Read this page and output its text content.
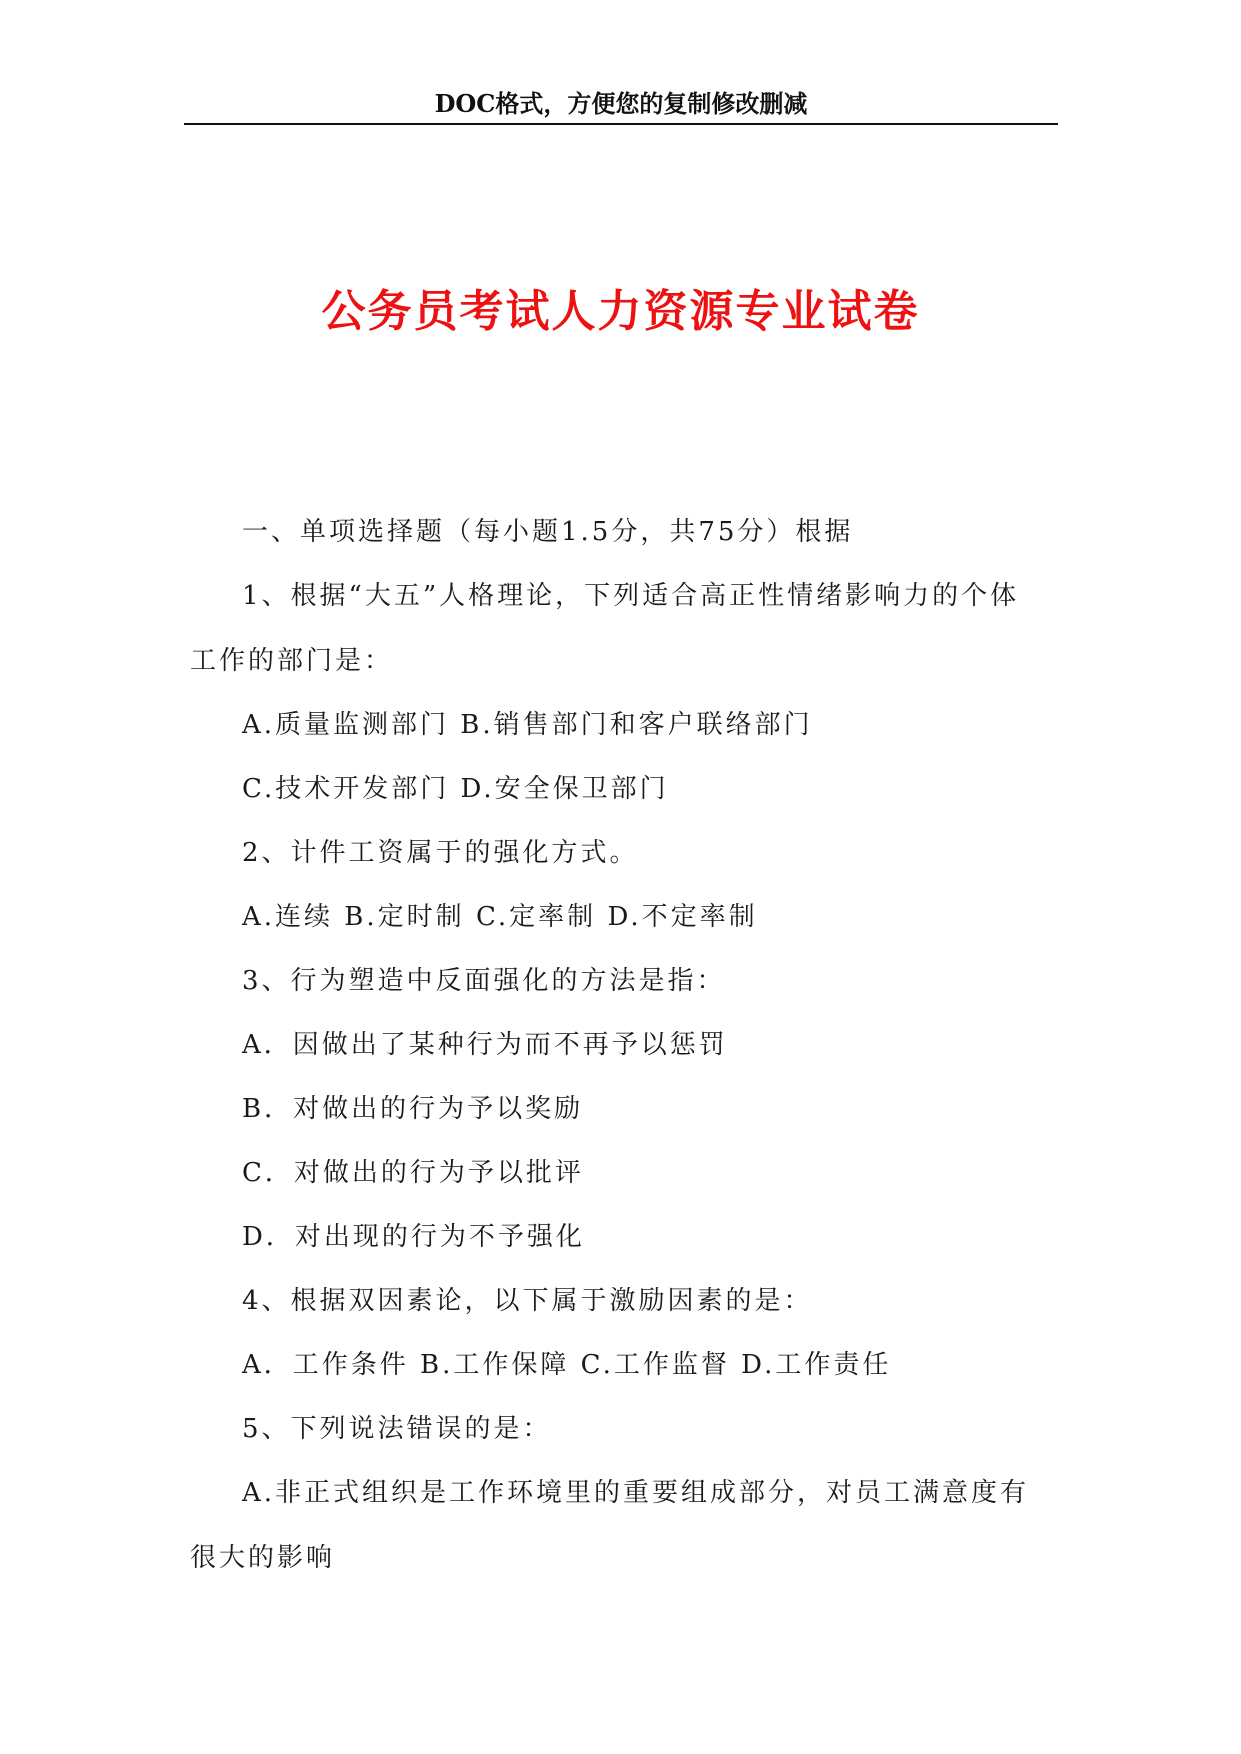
DOC格式，方便您的复制修改删减
公务员考试人力资源专业试卷

一、单项选择题（每小题1.5分，共75分）根据

1、根据“大五”人格理论，下列适合高正性情绪影响力的个体
工作的部门是：

A.质量监测部门 B.销售部门和客户联络部门

C.技术开发部门 D.安全保卫部门

2、计件工资属于的强化方式。

A.连续 B.定时制 C.定率制 D.不定率制

3、行为塑造中反面强化的方法是指：

A．因做出了某种行为而不再予以惩罚

B．对做出的行为予以奖励

C．对做出的行为予以批评

D．对出现的行为不予强化

4、根据双因素论，以下属于激励因素的是：

A．工作条件 B.工作保障 C.工作监督 D.工作责任

5、下列说法错误的是：

A.非正式组织是工作环境里的重要组成部分，对员工满意度有
很大的影响
